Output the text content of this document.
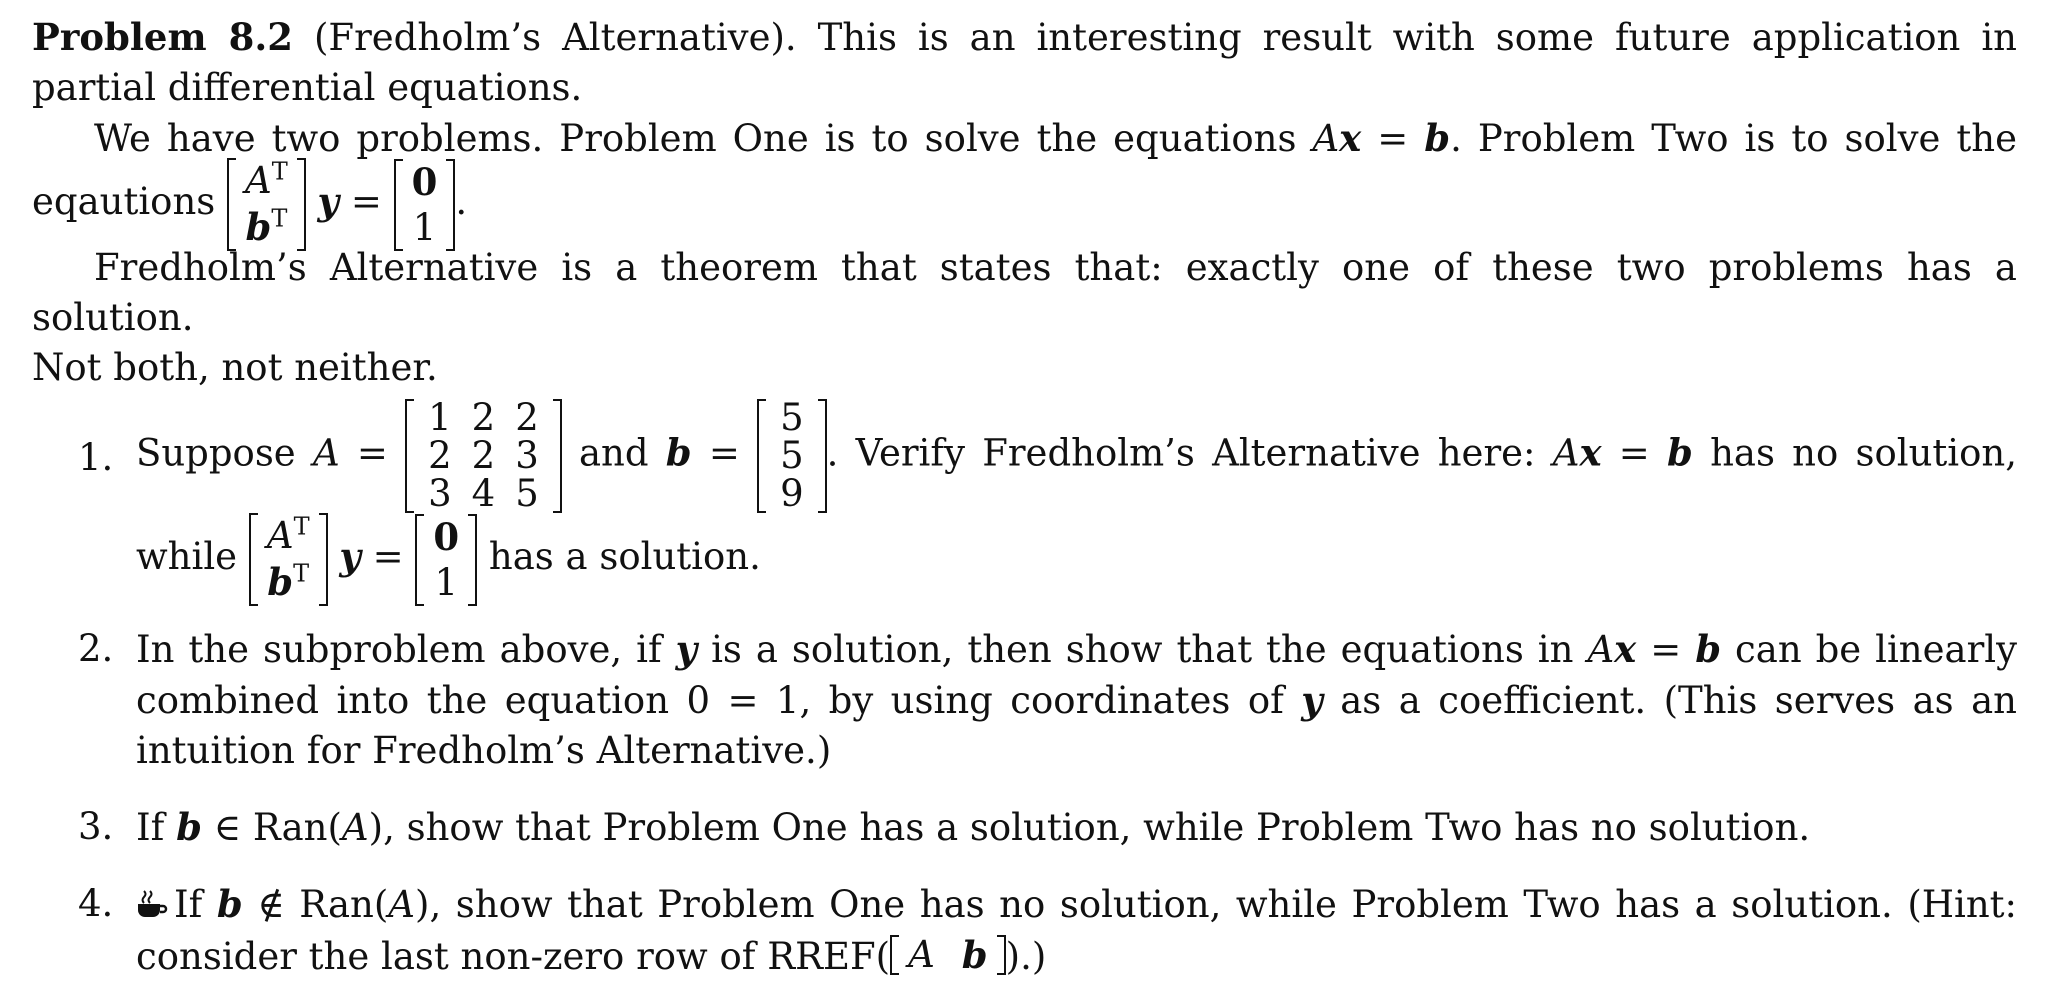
Problem 8.2 (Fredholm’s Alternative). This is an interesting result with some future application in partial differential equations.

We have two problems. Problem One is to solve the equations Ax = b. Problem Two is to solve the

eqautions $A^T$
$b^T$ y = 0
1
.

Fredholm’s Alternative is a theorem that states that: exactly one of these two problems has a solution.

Not both, not neither.

1. Suppose A =
1 2 2
2 2 3
3 4 5
and b =
5
5
9
. Verify Fredholm’s Alternative here: Ax = b has no solution,
while $A^T$
$b^T$ y = 0
1
has a solution.
2. In the subproblem above, if y is a solution, then show that the equations in Ax = b can be linearly combined into the equation 0 = 1, by using coordinates of y as a coefficient. (This serves as an intuition for Fredholm’s Alternative.)
3. If b ∈ Ran(A), show that Problem One has a solution, while Problem Two has no solution.
4. If b ∉ Ran(A), show that Problem One has no solution, while Problem Two has a solution. (Hint: consider the last non-zero row of RREF( A b ).)
